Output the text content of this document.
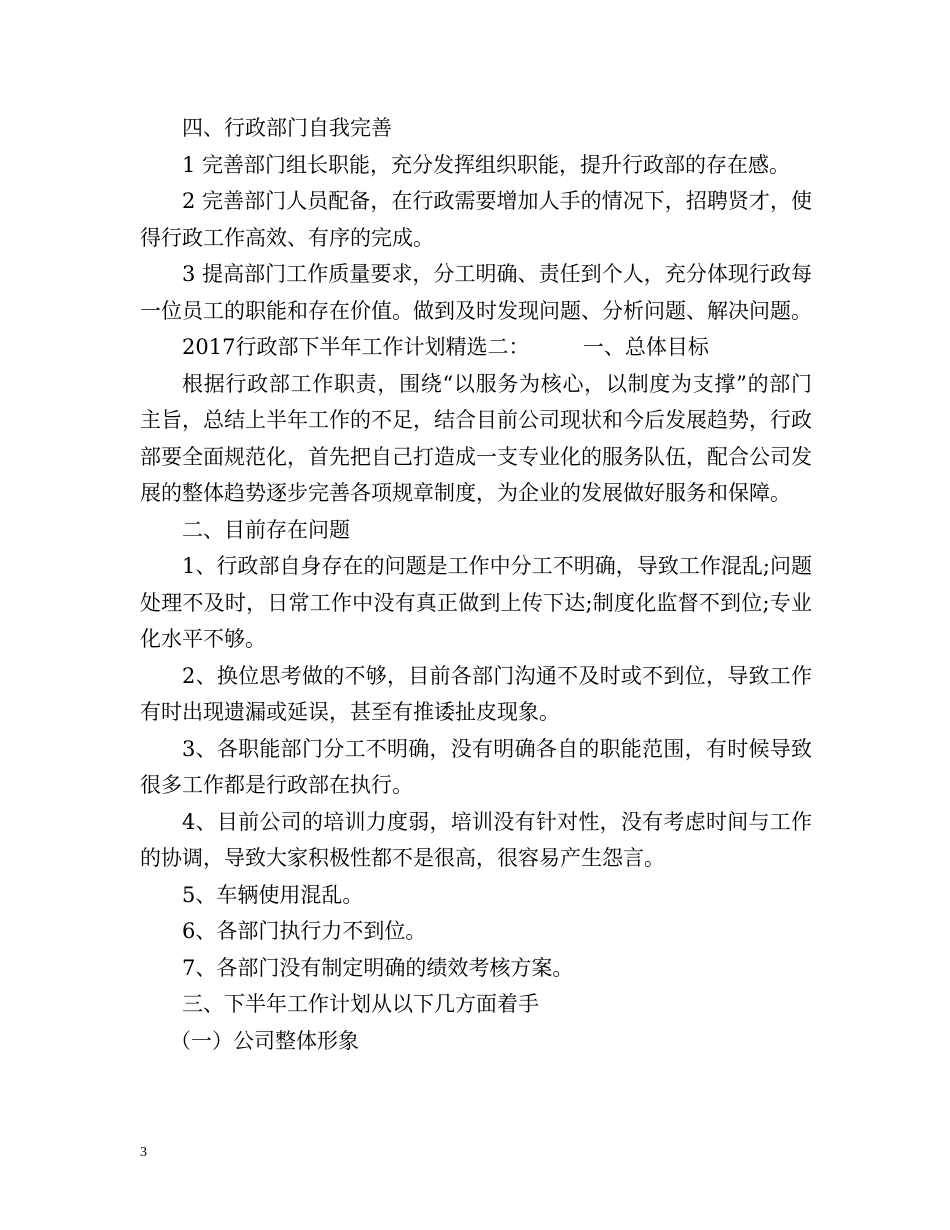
四、行政部门自我完善

1 完善部门组长职能，充分发挥组织职能，提升行政部的存在感。

2 完善部门人员配备，在行政需要增加人手的情况下，招聘贤才，使得行政工作高效、有序的完成。

3 提高部门工作质量要求，分工明确、责任到个人，充分体现行政每一位员工的职能和存在价值。做到及时发现问题、分析问题、解决问题。

2017行政部下半年工作计划精选二：        一、总体目标

根据行政部工作职责，围绕“以服务为核心，以制度为支撑”的部门主旨，总结上半年工作的不足，结合目前公司现状和今后发展趋势，行政部要全面规范化，首先把自己打造成一支专业化的服务队伍，配合公司发展的整体趋势逐步完善各项规章制度，为企业的发展做好服务和保障。

二、目前存在问题

1、行政部自身存在的问题是工作中分工不明确，导致工作混乱;问题处理不及时，日常工作中没有真正做到上传下达;制度化监督不到位;专业化水平不够。

2、换位思考做的不够，目前各部门沟通不及时或不到位，导致工作有时出现遗漏或延误，甚至有推诿扯皮现象。

3、各职能部门分工不明确，没有明确各自的职能范围，有时候导致很多工作都是行政部在执行。

4、目前公司的培训力度弱，培训没有针对性，没有考虑时间与工作的协调，导致大家积极性都不是很高，很容易产生怨言。

5、车辆使用混乱。

6、各部门执行力不到位。

7、各部门没有制定明确的绩效考核方案。

三、下半年工作计划从以下几方面着手

（一）公司整体形象

3
